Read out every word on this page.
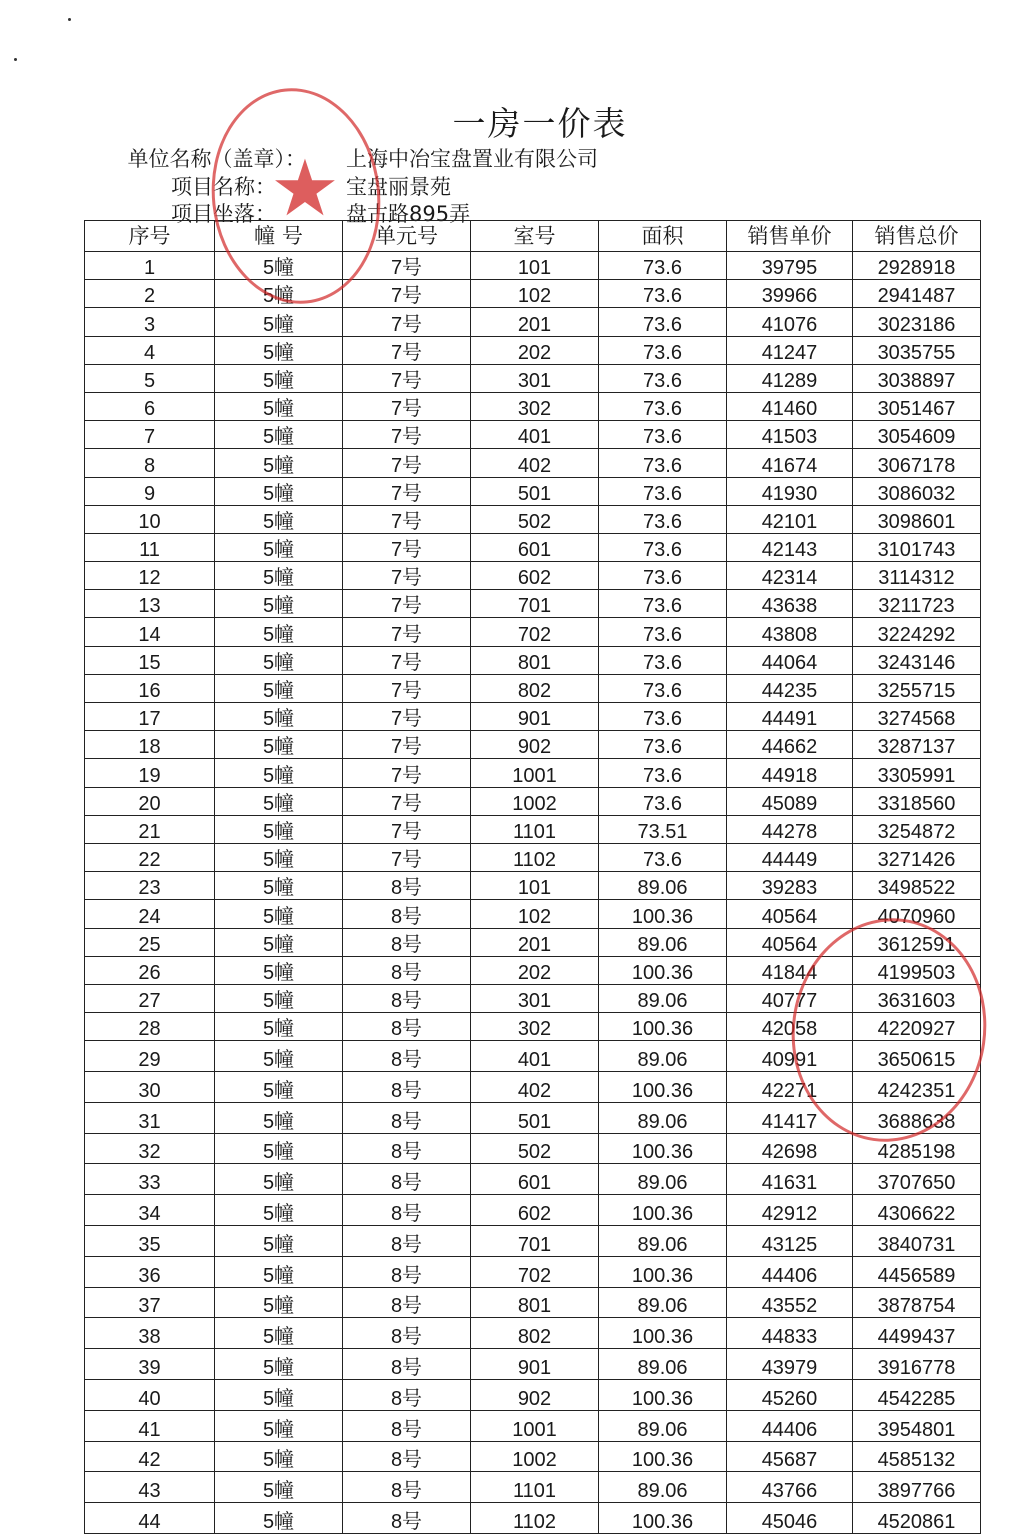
一房一价表
单位名称（盖章）： 上海中冶宝盘置业有限公司
项目名称：	宝盘丽景苑
项目坐落：	盘古路895弄
序号	幢 号	单元号	室号	面积	销售单价	销售总价
1	5幢	7号	101	73.6	39795	2928918
2	5幢	7号	102	73.6	39966	2941487
3	5幢	7号	201	73.6	41076	3023186
4	5幢	7号	202	73.6	41247	3035755
5	5幢	7号	301	73.6	41289	3038897
6	5幢	7号	302	73.6	41460	3051467
7	5幢	7号	401	73.6	41503	3054609
8	5幢	7号	402	73.6	41674	3067178
9	5幢	7号	501	73.6	41930	3086032
10	5幢	7号	502	73.6	42101	3098601
11	5幢	7号	601	73.6	42143	3101743
12	5幢	7号	602	73.6	42314	3114312
13	5幢	7号	701	73.6	43638	3211723
14	5幢	7号	702	73.6	43808	3224292
15	5幢	7号	801	73.6	44064	3243146
16	5幢	7号	802	73.6	44235	3255715
17	5幢	7号	901	73.6	44491	3274568
18	5幢	7号	902	73.6	44662	3287137
19	5幢	7号	1001	73.6	44918	3305991
20	5幢	7号	1002	73.6	45089	3318560
21	5幢	7号	1101	73.51	44278	3254872
22	5幢	7号	1102	73.6	44449	3271426
23	5幢	8号	101	89.06	39283	3498522
24	5幢	8号	102	100.36	40564	4070960
25	5幢	8号	201	89.06	40564	3612591
26	5幢	8号	202	100.36	41844	4199503
27	5幢	8号	301	89.06	40777	3631603
28	5幢	8号	302	100.36	42058	4220927
29	5幢	8号	401	89.06	40991	3650615
30	5幢	8号	402	100.36	42271	4242351
31	5幢	8号	501	89.06	41417	3688638
32	5幢	8号	502	100.36	42698	4285198
33	5幢	8号	601	89.06	41631	3707650
34	5幢	8号	602	100.36	42912	4306622
35	5幢	8号	701	89.06	43125	3840731
36	5幢	8号	702	100.36	44406	4456589
37	5幢	8号	801	89.06	43552	3878754
38	5幢	8号	802	100.36	44833	4499437
39	5幢	8号	901	89.06	43979	3916778
40	5幢	8号	902	100.36	45260	4542285
41	5幢	8号	1001	89.06	44406	3954801
42	5幢	8号	1002	100.36	45687	4585132
43	5幢	8号	1101	89.06	43766	3897766
44	5幢	8号	1102	100.36	45046	4520861
★
